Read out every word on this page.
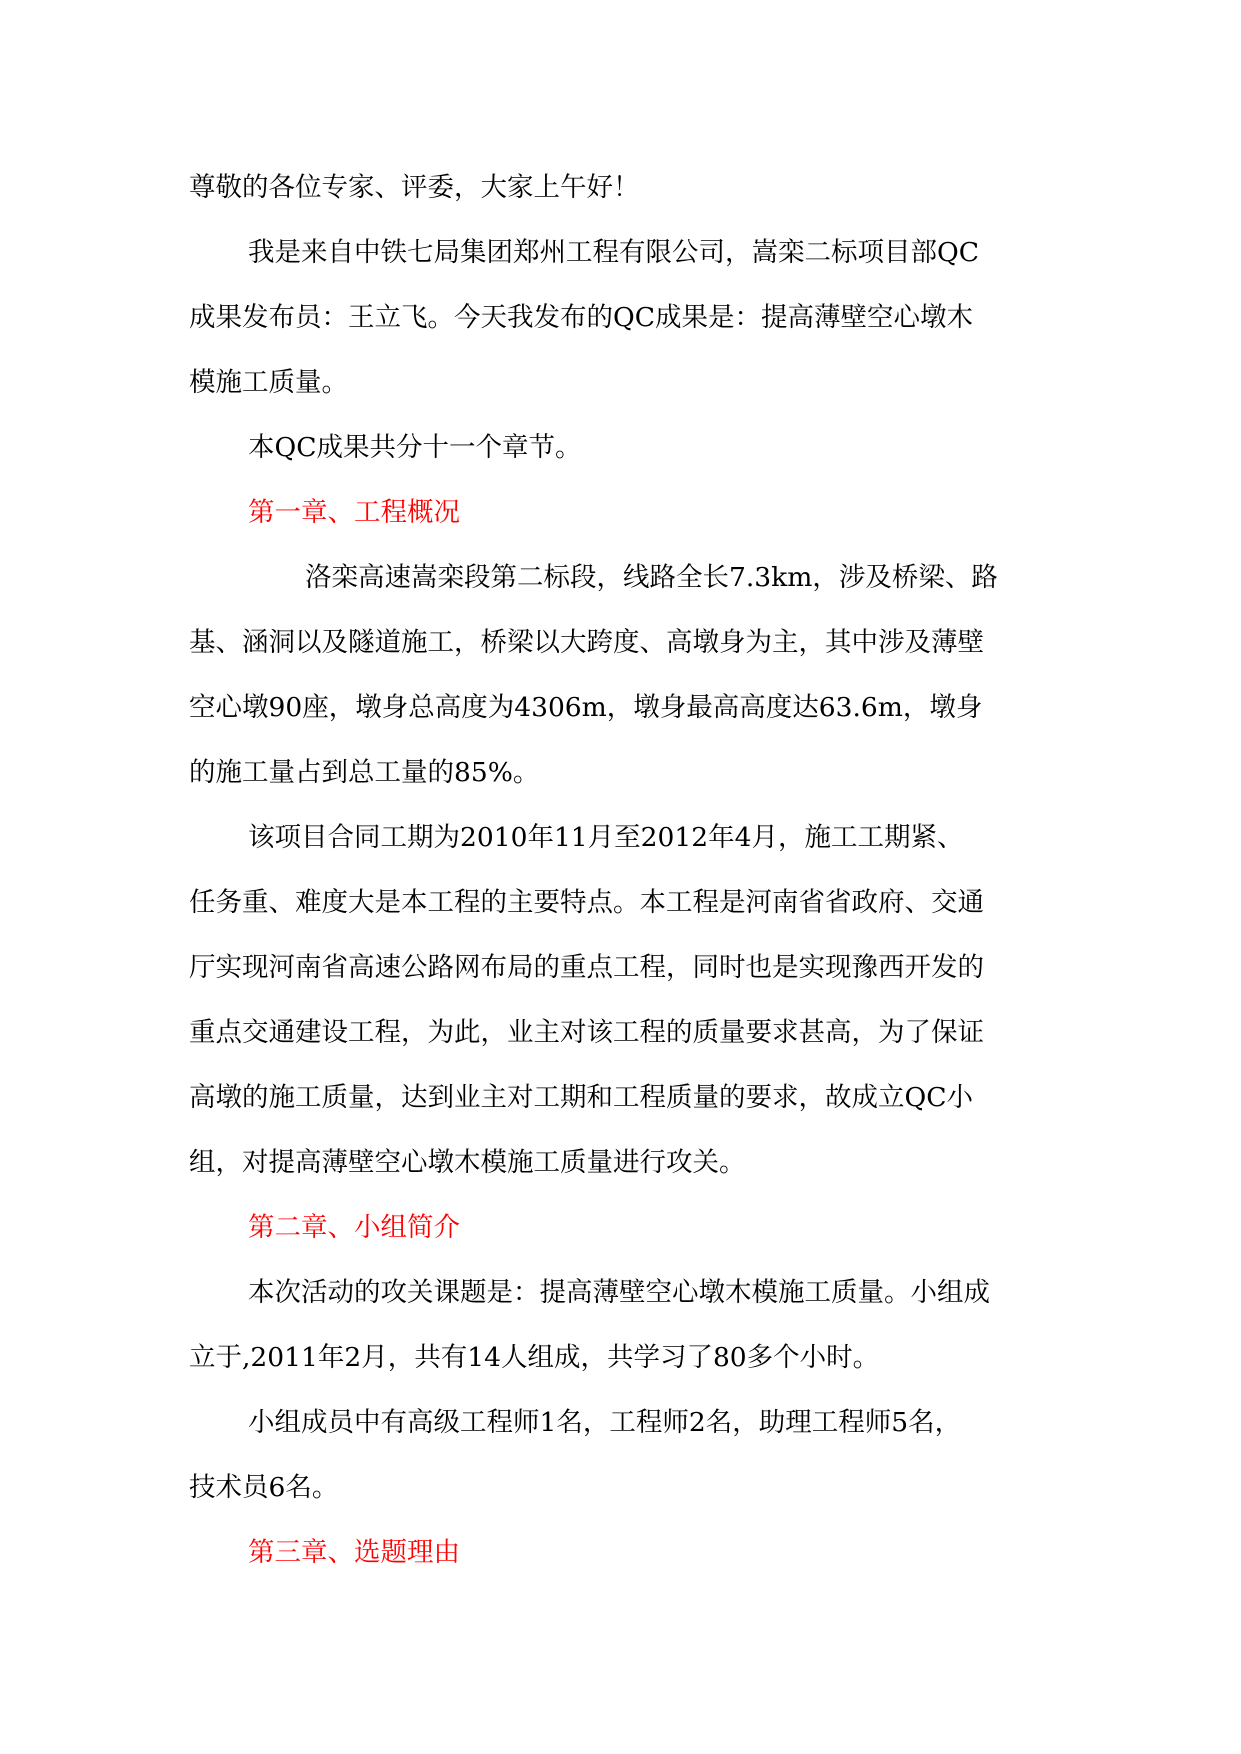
尊敬的各位专家、评委，大家上午好！

我是来自中铁七局集团郑州工程有限公司，嵩栾二标项目部QC
成果发布员：王立飞。今天我发布的QC成果是：提高薄壁空心墩木
模施工质量。

本QC成果共分十一个章节。

第一章、工程概况

洛栾高速嵩栾段第二标段，线路全长7.3km，涉及桥梁、路
基、涵洞以及隧道施工，桥梁以大跨度、高墩身为主，其中涉及薄壁
空心墩90座，墩身总高度为4306m，墩身最高高度达63.6m，墩身
的施工量占到总工量的85%。

该项目合同工期为2010年11月至2012年4月，施工工期紧、
任务重、难度大是本工程的主要特点。本工程是河南省省政府、交通
厅实现河南省高速公路网布局的重点工程，同时也是实现豫西开发的
重点交通建设工程，为此，业主对该工程的质量要求甚高，为了保证
高墩的施工质量，达到业主对工期和工程质量的要求，故成立QC小
组，对提高薄壁空心墩木模施工质量进行攻关。

第二章、小组简介

本次活动的攻关课题是：提高薄壁空心墩木模施工质量。小组成
立于,2011年2月，共有14人组成，共学习了80多个小时。

小组成员中有高级工程师1名，工程师2名，助理工程师5名，
技术员6名。

第三章、选题理由
